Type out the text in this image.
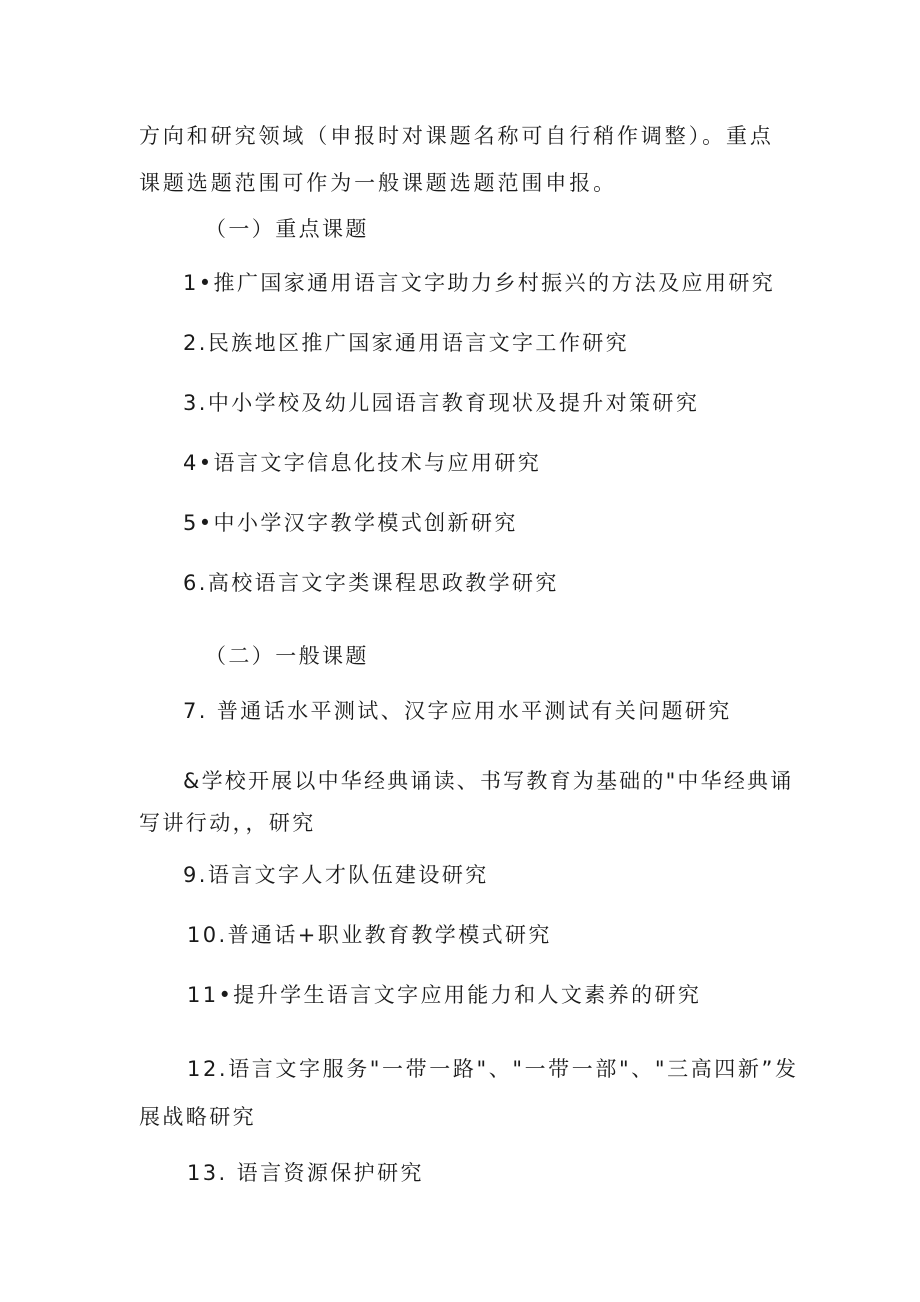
方向和研究领域（申报时对课题名称可自行稍作调整）。重点
课题选题范围可作为一般课题选题范围申报。
（一）重点课题
1•推广国家通用语言文字助力乡村振兴的方法及应用研究
2.民族地区推广国家通用语言文字工作研究
3.中小学校及幼儿园语言教育现状及提升对策研究
4•语言文字信息化技术与应用研究
5•中小学汉字教学模式创新研究
6.高校语言文字类课程思政教学研究
（二）一般课题
7. 普通话水平测试、汉字应用水平测试有关问题研究
&学校开展以中华经典诵读、书写教育为基础的"中华经典诵
写讲行动，，研究
9.语言文字人才队伍建设研究
10.普通话+职业教育教学模式研究
11•提升学生语言文字应用能力和人文素养的研究
12.语言文字服务"一带一路"、"一带一部"、"三高四新”发
展战略研究
13. 语言资源保护研究
